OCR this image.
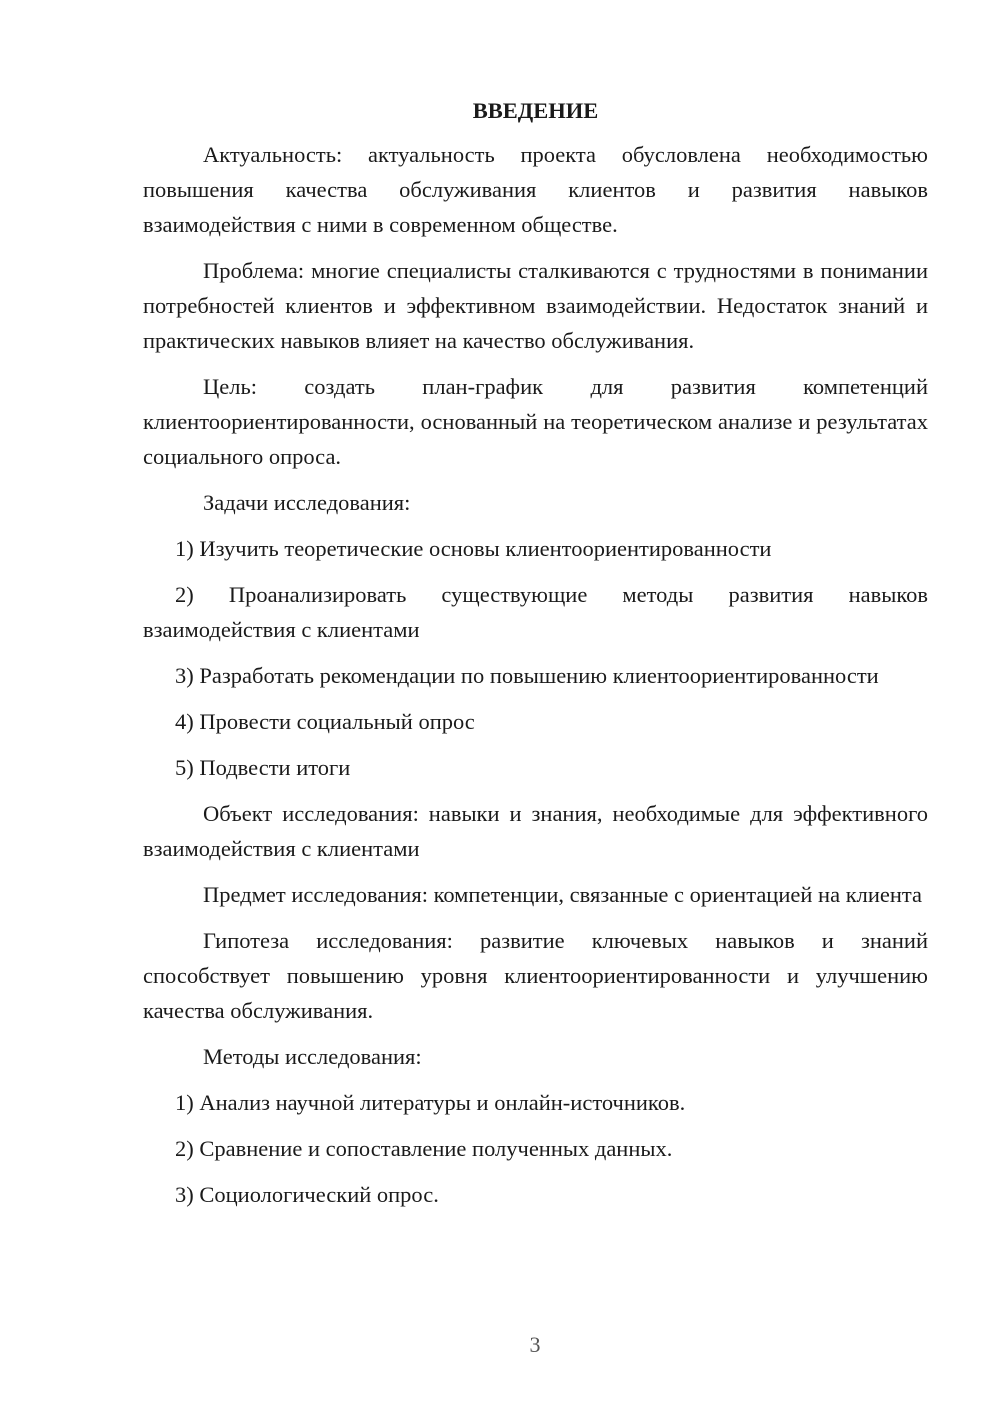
ВВЕДЕНИЕ

Актуальность: актуальность проекта обусловлена необходимостью повышения качества обслуживания клиентов и развития навыков взаимодействия с ними в современном обществе.

Проблема: многие специалисты сталкиваются с трудностями в понимании потребностей клиентов и эффективном взаимодействии. Недостаток знаний и практических навыков влияет на качество обслуживания.

Цель: создать план-график для развития компетенций клиентоориентированности, основанный на теоретическом анализе и результатах социального опроса.

Задачи исследования:

1) Изучить теоретические основы клиентоориентированности

2) Проанализировать существующие методы развития навыков взаимодействия с клиентами

3) Разработать рекомендации по повышению клиентоориентированности

4) Провести социальный опрос

5) Подвести итоги

Объект исследования: навыки и знания, необходимые для эффективного взаимодействия с клиентами

Предмет исследования: компетенции, связанные с ориентацией на клиента

Гипотеза исследования: развитие ключевых навыков и знаний способствует повышению уровня клиентоориентированности и улучшению качества обслуживания.

Методы исследования:

1) Анализ научной литературы и онлайн-источников.

2) Сравнение и сопоставление полученных данных.

3) Социологический опрос.

3
